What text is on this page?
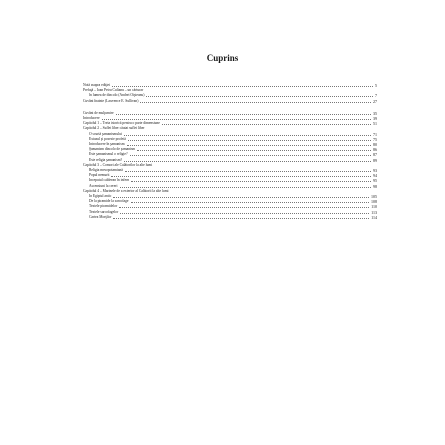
Cuprins
Notă asupra ediţiei	5
Prefaţă – Ioan Petru Culianu – un cărturar
în lumea de dincolo (Andrei Oişteanu)	7
Cuvânt înainte (Lawrence E. Sullivan)	27
Cuvânt de mulţumire	35
Introducere	39
Capitolul 1 – Treia istorică pentru o parte dimensiune	51
Capitolul 2 – Suflet liber căutat suflet liber
O scurtă şamanismului	71
Extazul şi posesie profetă	75
Introducere în şamanism	80
Şamanism dincolo de şamanism	86
Este şamanismul o religie?	87
Este religia şamanism?	89
Capitolul 3 – Comori ale Calătorilor la alte lumi
Religia mesopotamiană	93
Popul nemurit	94
Începutul caldeean în infern	95
Ascensiuni la cereri	98
Capitolul 4 – Marinele de a exterior al Calătorii la alte lumi
În Egiptul antic	105
De la piramide la sarcofage	108
Textele piramidelor	110
Textele sarcofagelor	113
Cartea Morţilor	114
